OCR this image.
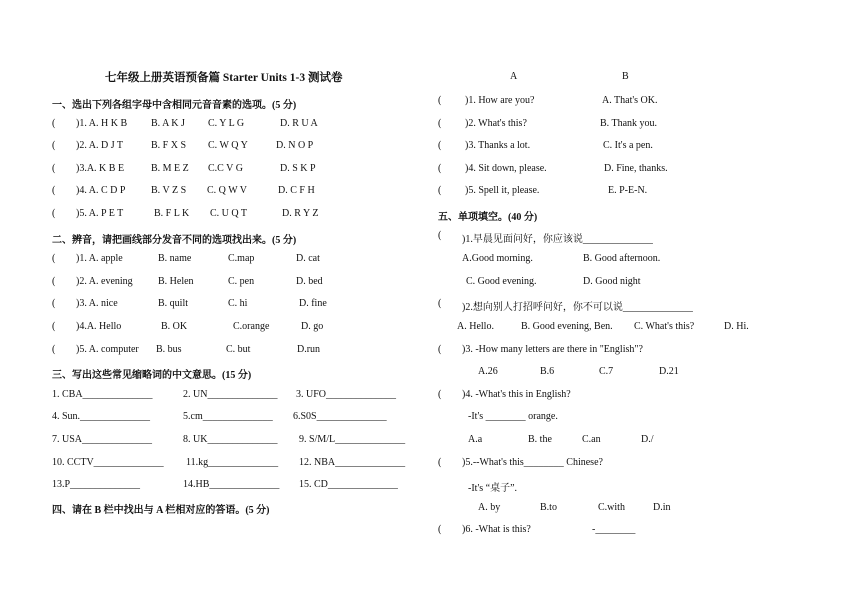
七年级上册英语预备篇 Starter Units 1-3 测试卷
一、选出下列各组字母中含相同元音音素的选项。(5 分)
( )1. A. H K B B. A K J C. Y L G	D. R U A
( )2. A. D J T	B. F X S C. W Q Y	D. N O P
( )3.A. K B E	B. M E Z C.C V G	D. S K P
( )4. A. C D P	B. V Z S C. Q W V	D. C F H
( )5. A. P E T	B. F L K C. U Q T	D. R Y Z
二、辨音，请把画线部分发音不同的选项找出来。(5 分)
( )1. A. apple	B. name	C.map	D. cat
( )2. A. evening	B. Helen	C. pen	D. bed
( )3. A. nice	B. quilt	C. hi	D. fine
( )4.A. Hello	B. OK	C.orange	D. go
( )5. A. computer B. bus	C. but	D.run
三、写出这些常见缩略词的中文意思。(15 分)
1. CBA______________	2. UN______________ 3. UFO______________
4. Sun.______________	5.cm______________ 6.S0S______________
7. USA______________	8. UK______________ 9. S/M/L______________
10. CCTV______________ 11.kg______________ 12. NBA______________
13.P______________	14.HB______________ 15. CD______________
四、请在 B 栏中找出与 A 栏相对应的答语。(5 分)
A	B
( )1. How are you?	A. That's OK.
( )2. What's this?	B. Thank you.
( )3. Thanks a lot.	C. It's a pen.
( )4. Sit down, please.	D. Fine, thanks.
( )5. Spell it, please.	E. P-E-N.
五、单项填空。(40 分)
( )1.早晨见面问好，你应该说______________
A.Good morning.	B. Good afternoon.
C. Good evening.	D. Good night
( )2.想向别人打招呼问好，你不可以说______________
A. Hello.	B. Good evening, Ben. C. What's this?	D. Hi.
( )3. -How many letters are there in "English"?
A.26	B.6	C.7	D.21
( )4. -What's this in English?
-It's ________ orange.
A.a	B. the	C.an	D./
( )5.--What's this________ Chinese?
-It's “桌子”.
A. by	B.to	C.with	D.in
( )6. -What is this?	-________
